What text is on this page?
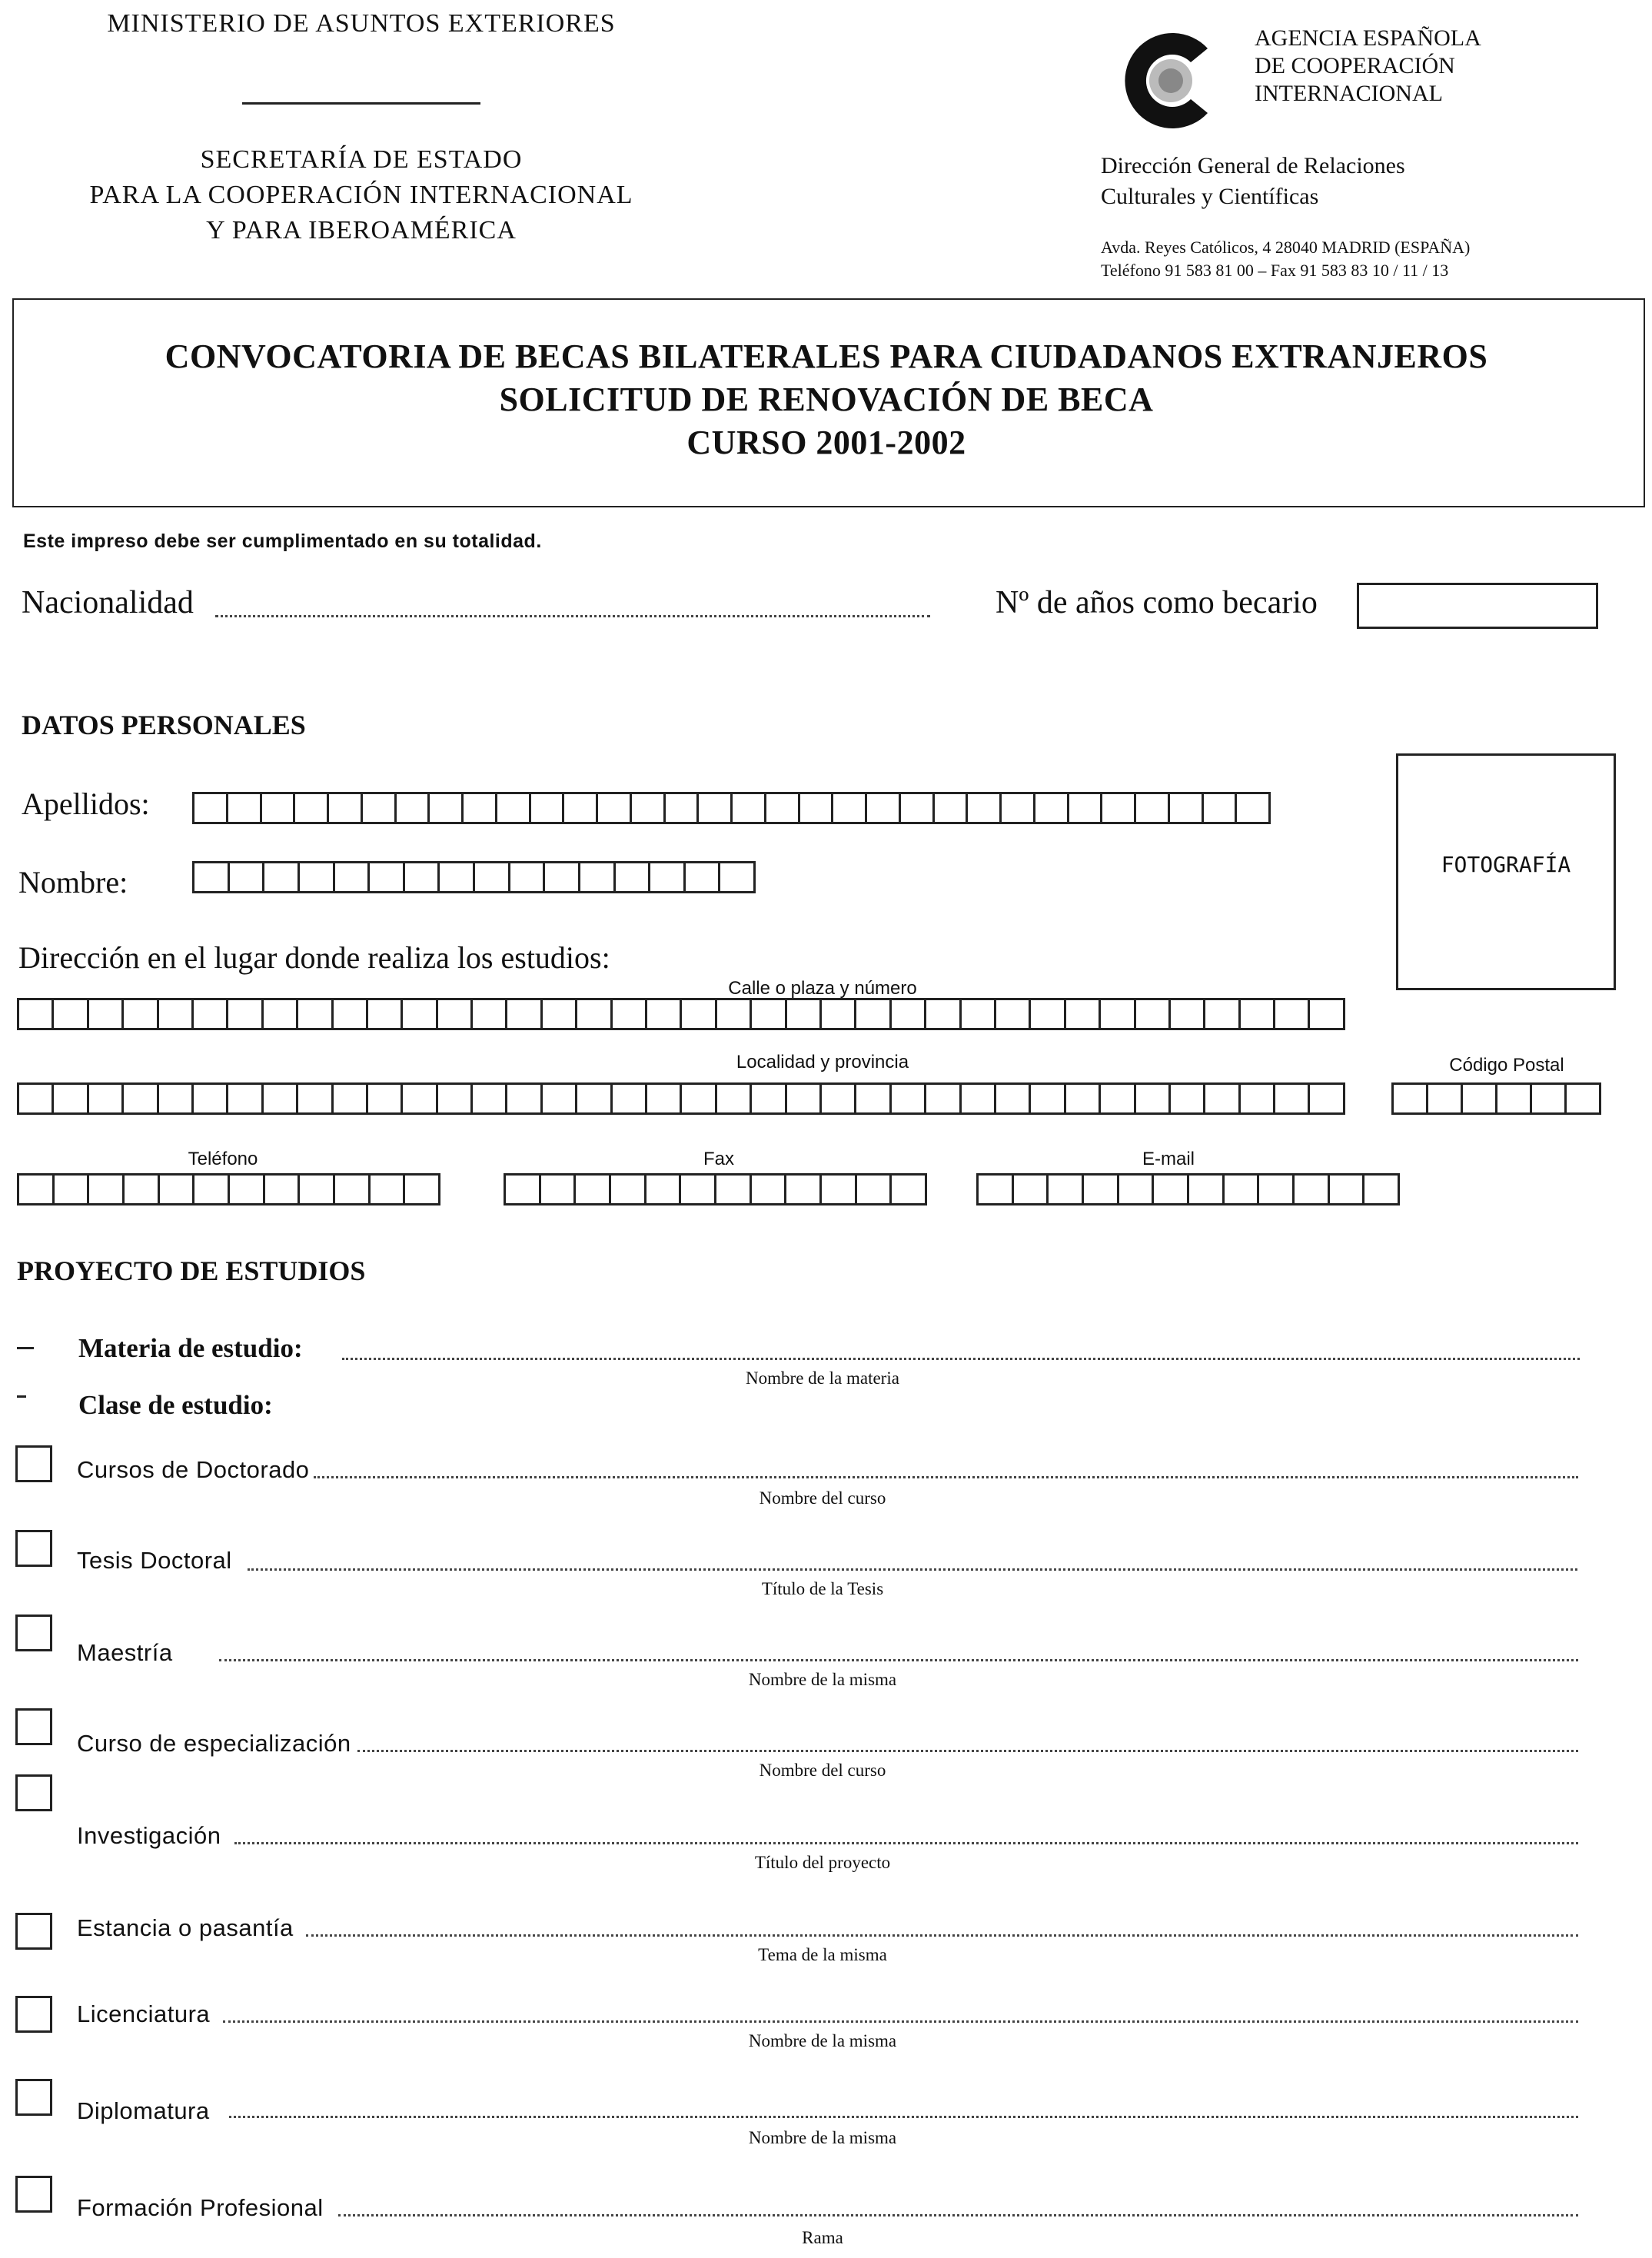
MINISTERIO DE ASUNTOS EXTERIORES
SECRETARÍA DE ESTADO
PARA LA COOPERACIÓN INTERNACIONAL
Y PARA IBEROAMÉRICA
AGENCIA ESPAÑOLA
DE COOPERACIÓN
INTERNACIONAL
Dirección General de Relaciones
Culturales y Científicas
Avda. Reyes Católicos, 4 28040 MADRID (ESPAÑA)
Teléfono 91 583 81 00 – Fax 91 583 83 10 / 11 / 13
CONVOCATORIA DE BECAS BILATERALES PARA CIUDADANOS EXTRANJEROS
SOLICITUD DE RENOVACIÓN DE BECA
CURSO 2001-2002
Este impreso debe ser cumplimentado en su totalidad.
Nacionalidad	Nº de años como becario
DATOS PERSONALES
Apellidos:
Nombre:
FOTOGRAFÍA
Dirección en el lugar donde realiza los estudios:
Calle o plaza y número
Localidad y provincia	Código Postal
Teléfono	Fax	E-mail
PROYECTO DE ESTUDIOS
Materia de estudio:
Nombre de la materia
Clase de estudio:
Cursos de Doctorado
Nombre del curso
Tesis Doctoral
Título de la Tesis
Maestría
Nombre de la misma
Curso de especialización
Nombre del curso
Investigación
Título del proyecto
Estancia o pasantía
Tema de la misma
Licenciatura
Nombre de la misma
Diplomatura
Nombre de la misma
Formación Profesional
Rama
